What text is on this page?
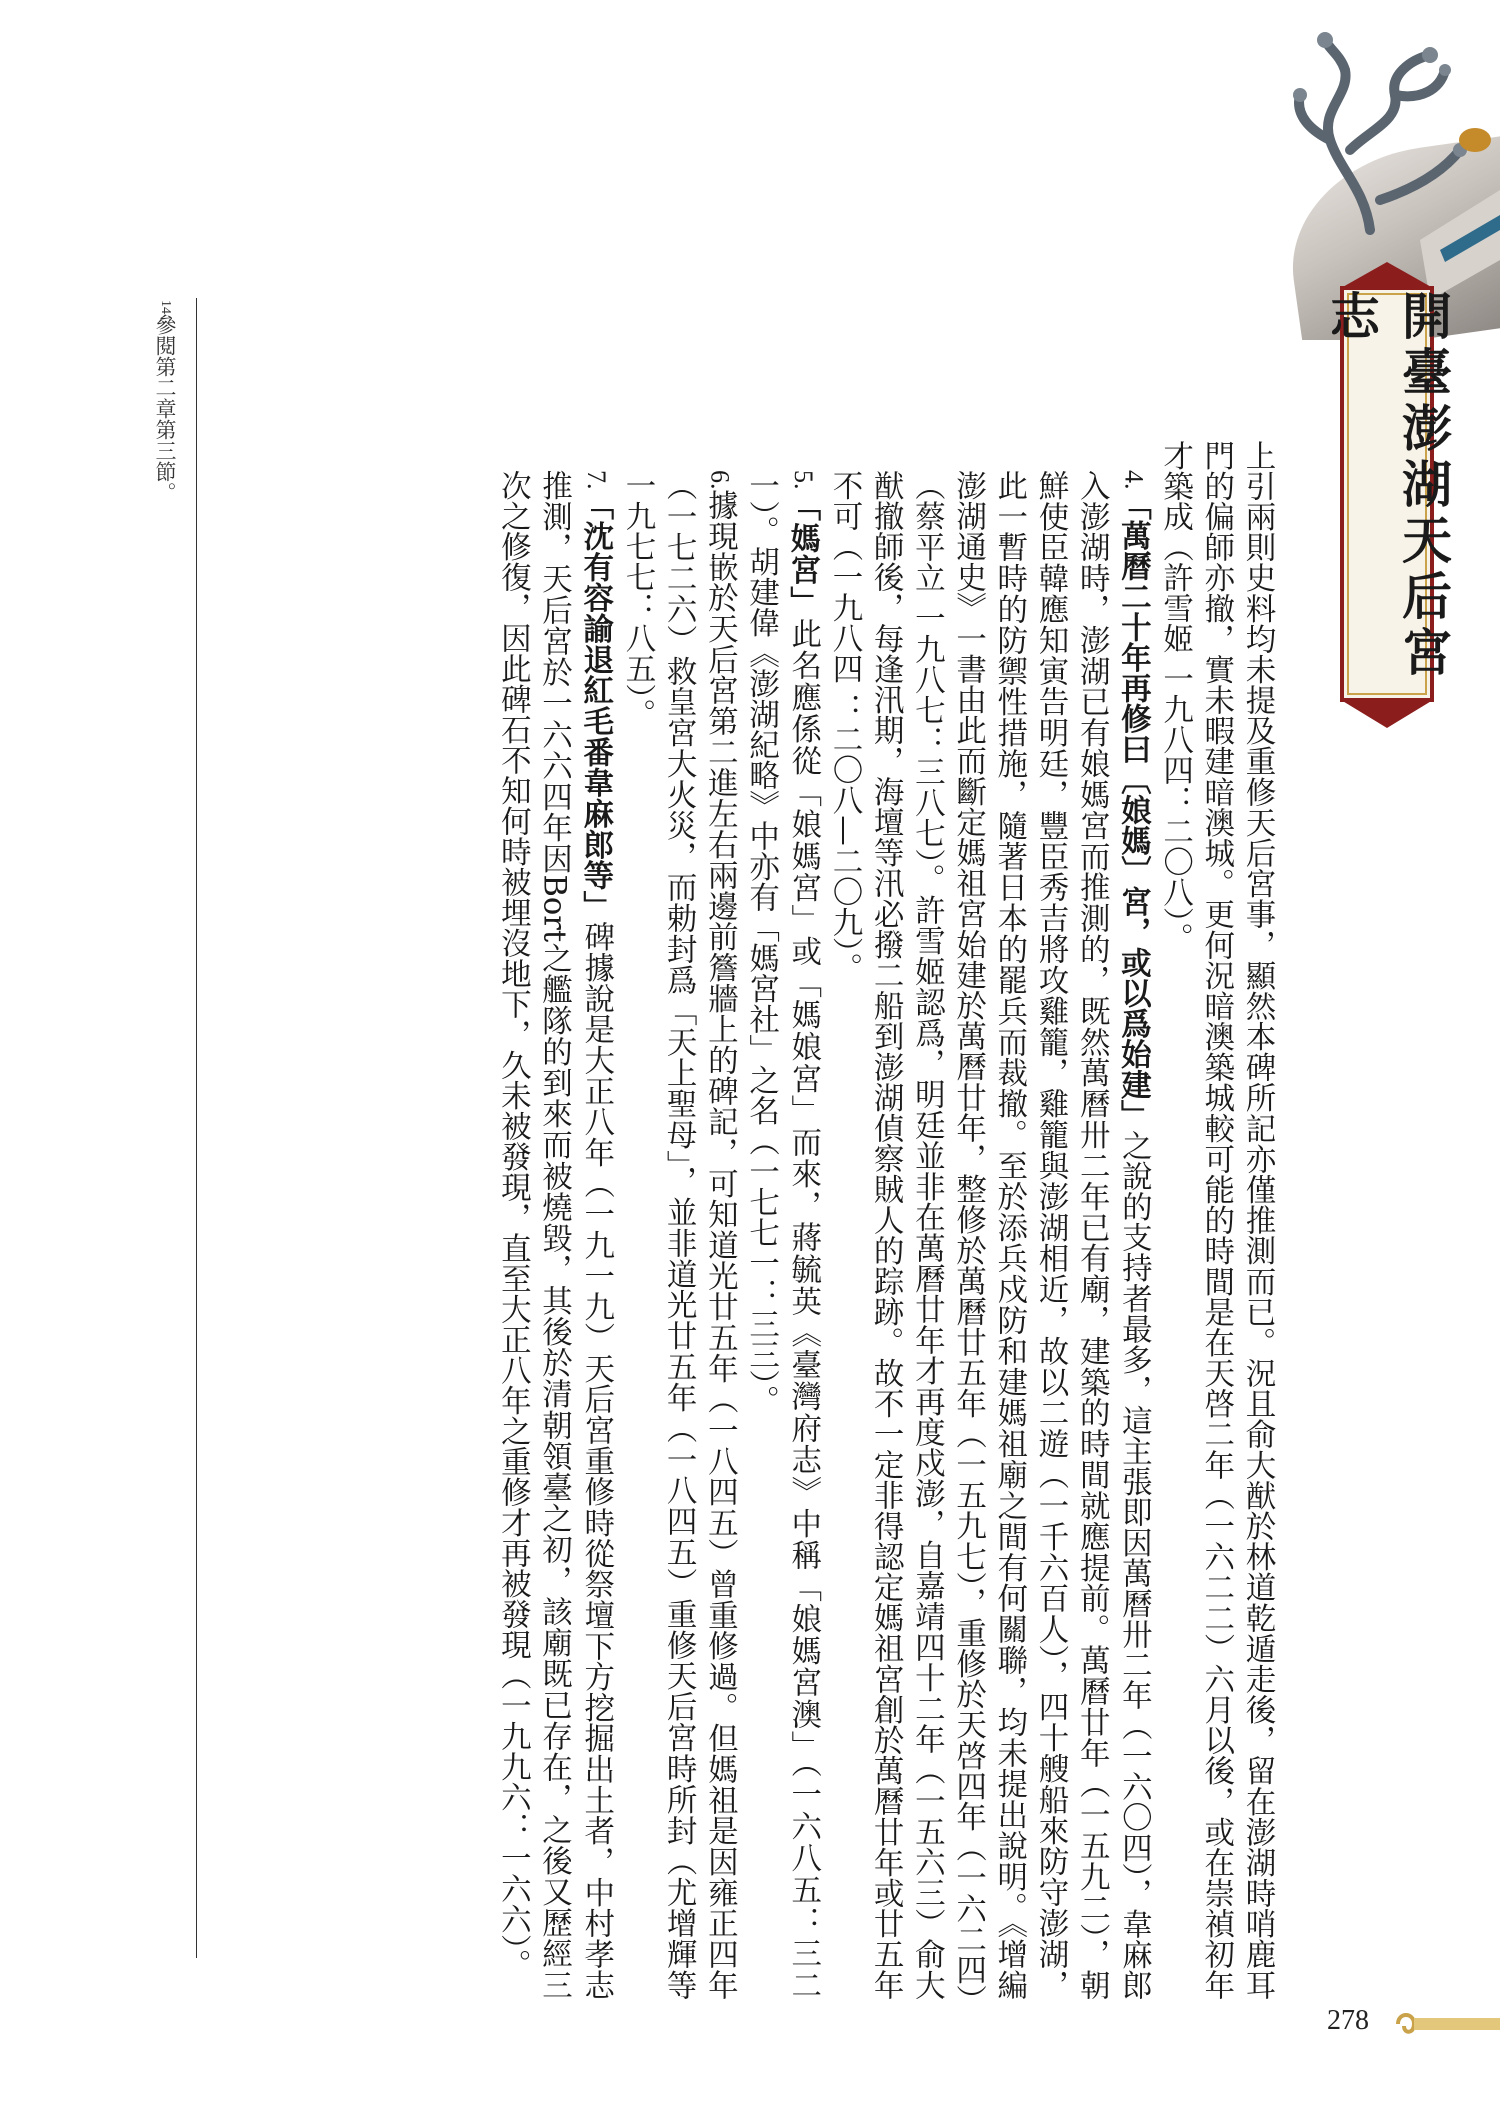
開臺澎湖天后宮志
14參閱第二章第三節。

上引兩則史料均未提及重修天后宮事，顯然本碑所記亦僅推測而已。況且俞大猷於林道乾遁走後，留在澎湖時哨鹿耳門的偏師亦撤，實未暇建暗澳城。更何況暗澳築城較可能的時間是在天啓二年（一六二二）六月以後，或在崇禎初年才築成（許雪姬 一九八四：二〇八）。

4.「萬曆二十年再修曰〔娘媽〕宮，或以爲始建」之說的支持者最多，這主張即因萬曆卅二年（一六〇四），韋麻郎入澎湖時，澎湖已有娘媽宮而推測的，既然萬曆卅二年已有廟，建築的時間就應提前。萬曆廿年（一五九二），朝鮮使臣韓應知寅告明廷，豐臣秀吉將攻雞籠，雞籠與澎湖相近，故以二遊（一千六百人），四十艘船來防守澎湖，此一暫時的防禦性措施，隨著日本的罷兵而裁撤。至於添兵戍防和建媽祖廟之間有何關聯，均未提出說明。《增編澎湖通史》一書由此而斷定媽祖宮始建於萬曆廿年，整修於萬曆廿五年（一五九七），重修於天啓四年（一六二四）（蔡平立 一九八七：三八七）。許雪姬認爲，明廷並非在萬曆廿年才再度戍澎，自嘉靖四十二年（一五六三）俞大猷撤師後，每逢汛期，海壇等汛必撥二船到澎湖偵察賊人的踪跡。故不一定非得認定媽祖宮創於萬曆廿年或廿五年不可（一九八四 ：二〇八—二〇九）。

5.「媽宮」此名應係從「娘媽宮」或「媽娘宮」而來，蔣毓英《臺灣府志》中稱「娘媽宮澳」（一六八五：三二一）。胡建偉《澎湖紀略》中亦有「媽宮社」之名（一七七一：三三）。

6.據現嵌於天后宮第二進左右兩邊前簷牆上的碑記，可知道光廿五年（一八四五）曾重修過。但媽祖是因雍正四年（一七二六）救皇宮大火災，而勅封爲「天上聖母」，並非道光廿五年（一八四五）重修天后宮時所封（尤增輝等 一九七七：八五）。

7.「沈有容諭退紅毛番韋麻郎等」碑據說是大正八年（一九一九）天后宮重修時從祭壇下方挖掘出土者，中村孝志推測，天后宮於一六六四年因Bort之艦隊的到來而被燒毀，其後於清朝領臺之初，該廟既已存在，之後又歷經三次之修復，因此碑石不知何時被埋沒地下，久未被發現，直至大正八年之重修才再被發現（一九九六：一六六）。

278
